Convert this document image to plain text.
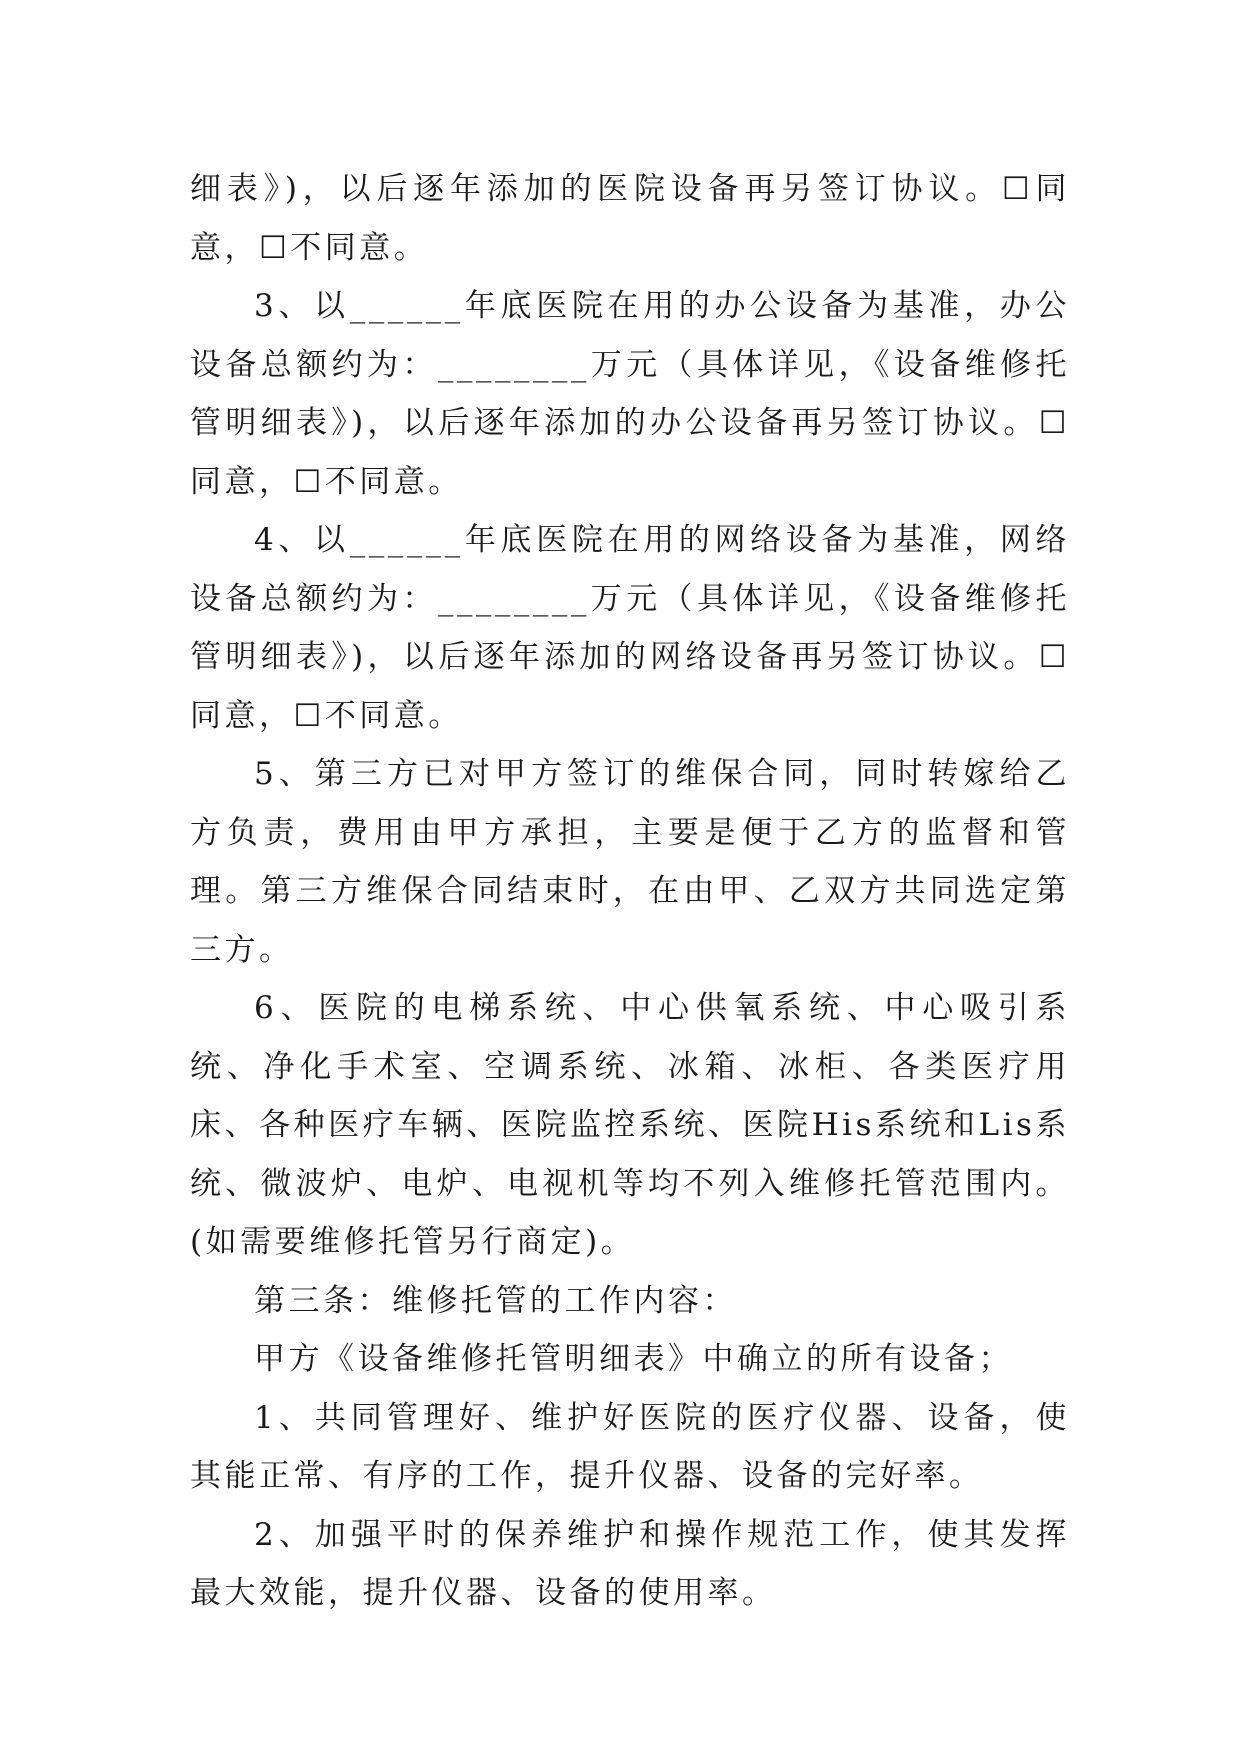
细表》)，以后逐年添加的医院设备再另签订协议。☐同意，☐不同意。

3、以______年底医院在用的办公设备为基准，办公设备总额约为：________万元（具体详见，《设备维修托管明细表》)，以后逐年添加的办公设备再另签订协议。☐同意，☐不同意。

4、以______年底医院在用的网络设备为基准，网络设备总额约为：________万元（具体详见，《设备维修托管明细表》)，以后逐年添加的网络设备再另签订协议。☐同意，☐不同意。

5、第三方已对甲方签订的维保合同，同时转嫁给乙方负责，费用由甲方承担，主要是便于乙方的监督和管理。第三方维保合同结束时，在由甲、乙双方共同选定第三方。

6、医院的电梯系统、中心供氧系统、中心吸引系统、净化手术室、空调系统、冰箱、冰柜、各类医疗用床、各种医疗车辆、医院监控系统、医院His系统和Lis系统、微波炉、电炉、电视机等均不列入维修托管范围内。(如需要维修托管另行商定)。

第三条：维修托管的工作内容：

甲方《设备维修托管明细表》中确立的所有设备；

1、共同管理好、维护好医院的医疗仪器、设备，使其能正常、有序的工作，提升仪器、设备的完好率。

2、加强平时的保养维护和操作规范工作，使其发挥最大效能，提升仪器、设备的使用率。
